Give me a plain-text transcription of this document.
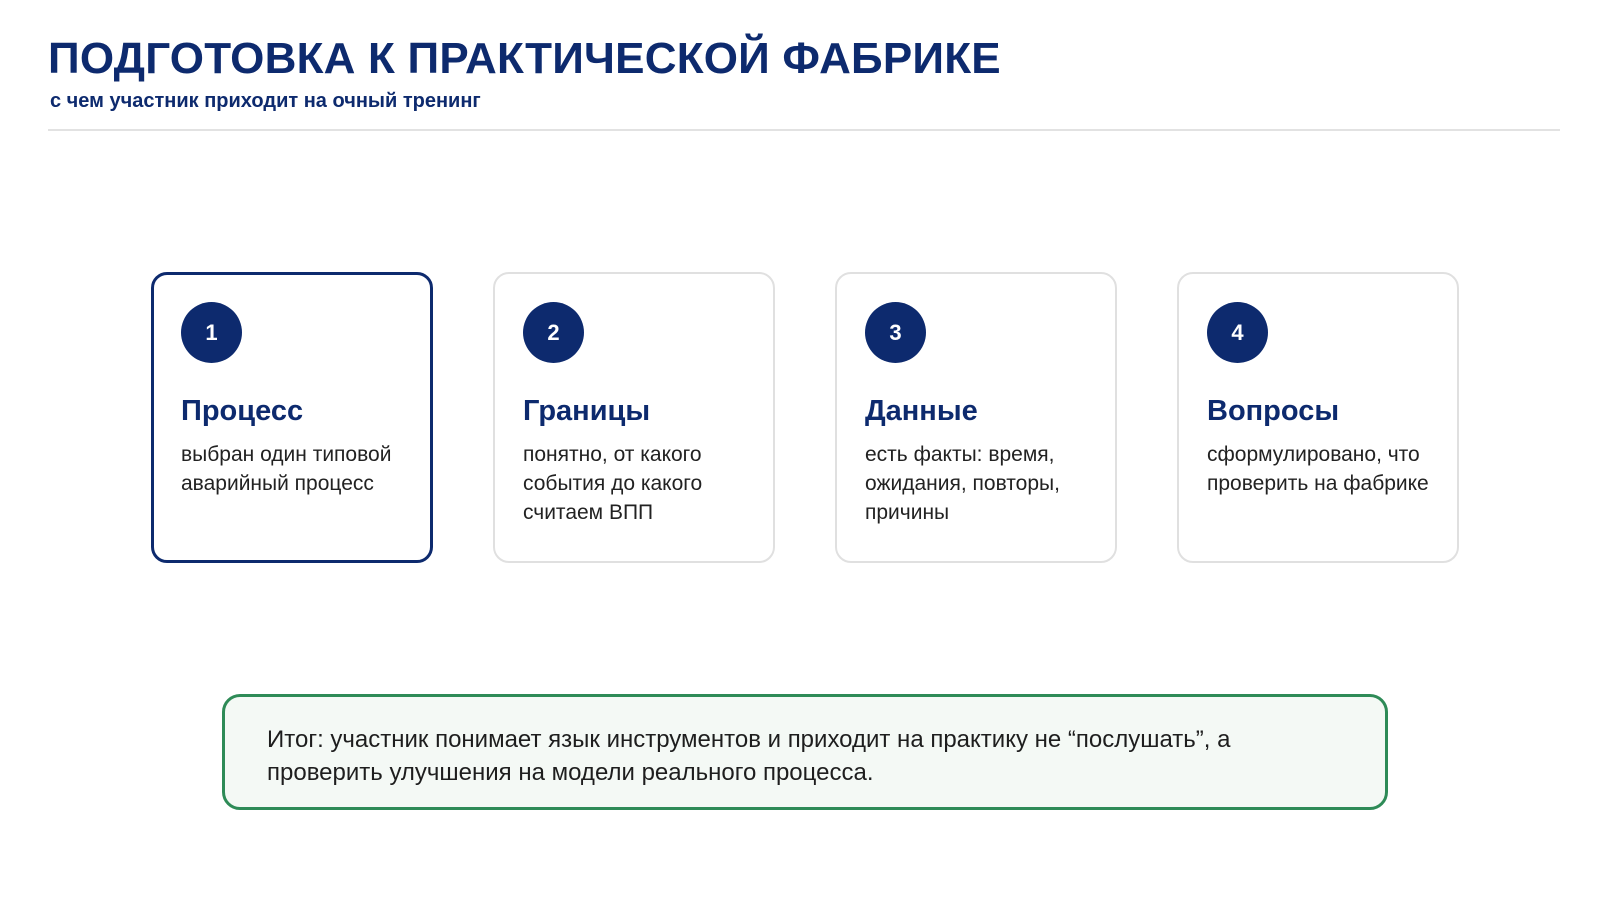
ПОДГОТОВКА К ПРАКТИЧЕСКОЙ ФАБРИКЕ
с чем участник приходит на очный тренинг
1
Процесс
выбран один типовой аварийный процесс
2
Границы
понятно, от какого события до какого считаем ВПП
3
Данные
есть факты: время, ожидания, повторы, причины
4
Вопросы
сформулировано, что проверить на фабрике
Итог: участник понимает язык инструментов и приходит на практику не “послушать”, а проверить улучшения на модели реального процесса.
